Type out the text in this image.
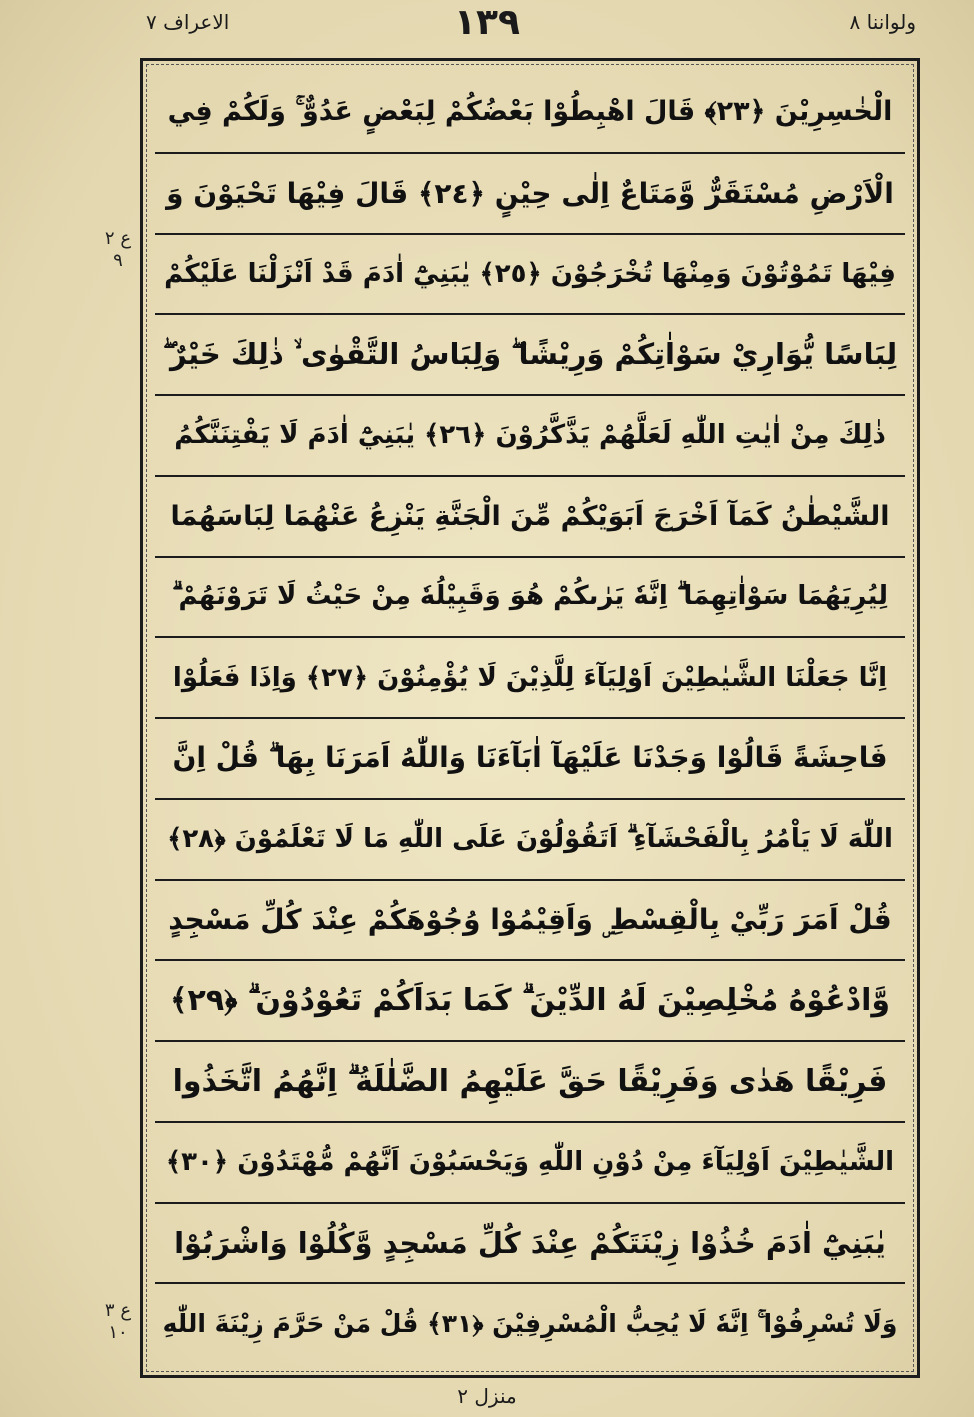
ولواننا ۸
١٣٩
الاعراف ۷
ع ۲ ۹
ع ۳ ۱۰
الْخٰسِرِيْنَ ﴿٢٣﴾ قَالَ اهْبِطُوْا بَعْضُكُمْ لِبَعْضٍ عَدُوٌّ ۚ وَلَكُمْ فِي
الْاَرْضِ مُسْتَقَرٌّ وَّمَتَاعٌ اِلٰى حِيْنٍ ﴿٢٤﴾ قَالَ فِيْهَا تَحْيَوْنَ وَ
فِيْهَا تَمُوْتُوْنَ وَمِنْهَا تُخْرَجُوْنَ ﴿٢٥﴾ يٰبَنِيْٓ اٰدَمَ قَدْ اَنْزَلْنَا عَلَيْكُمْ
لِبَاسًا يُّوَارِيْ سَوْاٰتِكُمْ وَرِيْشًا ۖ وَلِبَاسُ التَّقْوٰى ۙ ذٰلِكَ خَيْرٌ ۖ
ذٰلِكَ مِنْ اٰيٰتِ اللّٰهِ لَعَلَّهُمْ يَذَّكَّرُوْنَ ﴿٢٦﴾ يٰبَنِيْٓ اٰدَمَ لَا يَفْتِنَنَّكُمُ
الشَّيْطٰنُ كَمَآ اَخْرَجَ اَبَوَيْكُمْ مِّنَ الْجَنَّةِ يَنْزِعُ عَنْهُمَا لِبَاسَهُمَا
لِيُرِيَهُمَا سَوْاٰتِهِمَا ۗ اِنَّهٗ يَرٰىكُمْ هُوَ وَقَبِيْلُهٗ مِنْ حَيْثُ لَا تَرَوْنَهُمْ ۗ
اِنَّا جَعَلْنَا الشَّيٰطِيْنَ اَوْلِيَآءَ لِلَّذِيْنَ لَا يُؤْمِنُوْنَ ﴿٢٧﴾ وَاِذَا فَعَلُوْا
فَاحِشَةً قَالُوْا وَجَدْنَا عَلَيْهَآ اٰبَآءَنَا وَاللّٰهُ اَمَرَنَا بِهَا ۗ قُلْ اِنَّ
اللّٰهَ لَا يَاْمُرُ بِالْفَحْشَآءِ ۗ اَتَقُوْلُوْنَ عَلَى اللّٰهِ مَا لَا تَعْلَمُوْنَ ﴿٢٨﴾
قُلْ اَمَرَ رَبِّيْ بِالْقِسْطِ ۣ وَاَقِيْمُوْا وُجُوْهَكُمْ عِنْدَ كُلِّ مَسْجِدٍ
وَّادْعُوْهُ مُخْلِصِيْنَ لَهُ الدِّيْنَ ۗ كَمَا بَدَاَكُمْ تَعُوْدُوْنَ ۗ ﴿٢٩﴾
فَرِيْقًا هَدٰى وَفَرِيْقًا حَقَّ عَلَيْهِمُ الضَّلٰلَةُ ۗ اِنَّهُمُ اتَّخَذُوا
الشَّيٰطِيْنَ اَوْلِيَآءَ مِنْ دُوْنِ اللّٰهِ وَيَحْسَبُوْنَ اَنَّهُمْ مُّهْتَدُوْنَ ﴿٣٠﴾
يٰبَنِيْٓ اٰدَمَ خُذُوْا زِيْنَتَكُمْ عِنْدَ كُلِّ مَسْجِدٍ وَّكُلُوْا وَاشْرَبُوْا
وَلَا تُسْرِفُوْا ۚ اِنَّهٗ لَا يُحِبُّ الْمُسْرِفِيْنَ ﴿٣١﴾ قُلْ مَنْ حَرَّمَ زِيْنَةَ اللّٰهِ
منزل ۲
